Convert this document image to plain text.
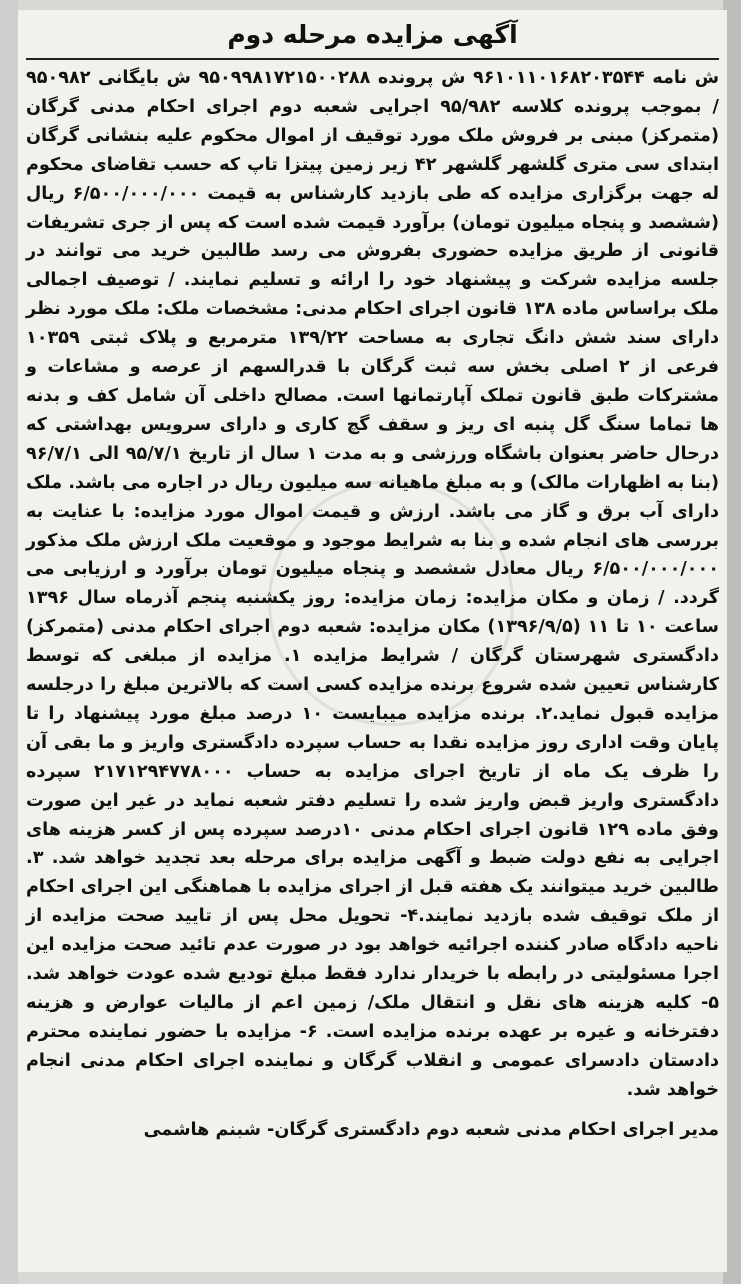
آگهی مزایده مرحله دوم

ش نامه ۹۶۱۰۱۱۰۱۶۸۲۰۳۵۴۴ ش پرونده ۹۵۰۹۹۸۱۷۲۱۵۰۰۲۸۸ ش بایگانی ۹۵۰۹۸۲ / بموجب پرونده کلاسه ۹۵/۹۸۲ اجرایی شعبه دوم اجرای احکام مدنی گرگان (متمرکز) مبنی بر فروش ملک مورد توقیف از اموال محکوم علیه بنشانی گرگان ابتدای سی متری گلشهر گلشهر ۴۲ زیر زمین پیتزا تاپ که حسب تقاضای محکوم له جهت برگزاری مزایده که طی بازدید کارشناس به قیمت ۶/۵۰۰/۰۰۰/۰۰۰ ریال (ششصد و پنجاه میلیون تومان) برآورد قیمت شده است که پس از جری تشریفات قانونی از طریق مزایده حضوری بفروش می رسد طالبین خرید می توانند در جلسه مزایده شرکت و پیشنهاد خود را ارائه و تسلیم نمایند. / توصیف اجمالی ملک براساس ماده ۱۳۸ قانون اجرای احکام مدنی: مشخصات ملک: ملک مورد نظر دارای سند شش دانگ تجاری به مساحت ۱۳۹/۲۲ مترمربع و پلاک ثبتی ۱۰۳۵۹ فرعی از ۲ اصلی بخش سه ثبت گرگان با قدرالسهم از عرصه و مشاعات و مشترکات طبق قانون تملک آپارتمانها است. مصالح داخلی آن شامل کف و بدنه ها تماما سنگ گل پنبه ای ریز و سقف گچ کاری و دارای سرویس بهداشتی که درحال حاضر بعنوان باشگاه ورزشی و به مدت ۱ سال از تاریخ ۹۵/۷/۱ الی ۹۶/۷/۱ (بنا به اظهارات مالک) و به مبلغ ماهیانه سه میلیون ریال در اجاره می باشد. ملک دارای آب برق و گاز می باشد. ارزش و قیمت اموال مورد مزایده: با عنایت به بررسی های انجام شده و بنا به شرایط موجود و موقعیت ملک ارزش ملک مذکور ۶/۵۰۰/۰۰۰/۰۰۰ ریال معادل ششصد و پنجاه میلیون تومان برآورد و ارزیابی می گردد. / زمان و مکان مزایده: زمان مزایده: روز یکشنبه پنجم آذرماه سال ۱۳۹۶ ساعت ۱۰ تا ۱۱ (۱۳۹۶/۹/۵) مکان مزایده: شعبه دوم اجرای احکام مدنی (متمرکز) دادگستری شهرستان گرگان / شرایط مزایده ۱. مزایده از مبلغی که توسط کارشناس تعیین شده شروع برنده مزایده کسی است که بالاترین مبلغ را درجلسه مزایده قبول نماید.۲. برنده مزایده میبایست ۱۰ درصد مبلغ مورد پیشنهاد را تا پایان وقت اداری روز مزایده نقدا به حساب سپرده دادگستری واریز و ما بقی آن را ظرف یک ماه از تاریخ اجرای مزایده به حساب ۲۱۷۱۲۹۴۷۷۸۰۰۰ سپرده دادگستری واریز قبض واریز شده را تسلیم دفتر شعبه نماید در غیر این صورت وفق ماده ۱۲۹ قانون اجرای احکام مدنی ۱۰درصد سپرده پس از کسر هزینه های اجرایی به نفع دولت ضبط و آگهی مزایده برای مرحله بعد تجدید خواهد شد. ۳. طالبین خرید میتوانند یک هفته قبل از اجرای مزایده با هماهنگی این اجرای احکام از ملک توقیف شده بازدید نمایند.۴- تحویل محل پس از تایید صحت مزایده از ناحیه دادگاه صادر کننده اجرائیه خواهد بود در صورت عدم تائید صحت مزایده این اجرا مسئولیتی در رابطه با خریدار ندارد فقط مبلغ تودیع شده عودت خواهد شد. ۵- کلیه هزینه های نقل و انتقال ملک/ زمین اعم از مالیات عوارض و هزینه دفترخانه و غیره بر عهده برنده مزایده است. ۶- مزایده با حضور نماینده محترم دادستان دادسرای عمومی و انقلاب گرگان و نماینده اجرای احکام مدنی انجام خواهد شد.

مدیر اجرای احکام مدنی شعبه دوم دادگستری گرگان- شبنم هاشمی
